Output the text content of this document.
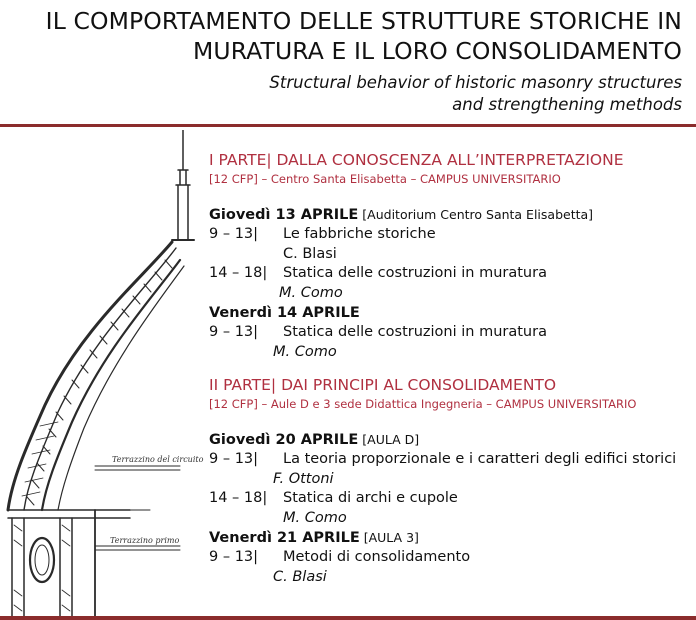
IL COMPORTAMENTO DELLE STRUTTURE STORICHE IN
MURATURA E IL LORO CONSOLIDAMENTO
Structural behavior of historic masonry structures
and strengthening methods
Terrazzino del circuito
Terrazzino primo
I PARTE| DALLA CONOSCENZA ALL’INTERPRETAZIONE
[12 CFP] – Centro Santa Elisabetta – CAMPUS UNIVERSITARIO
Giovedì 13 APRILE [Auditorium Centro Santa Elisabetta]
9 – 13| Le fabbriche storiche
C. Blasi
14 – 18| Statica delle costruzioni in muratura
M. Como
Venerdì 14 APRILE
9 – 13| Statica delle costruzioni in muratura
M. Como
II PARTE| DAI PRINCIPI AL CONSOLIDAMENTO
[12 CFP] – Aule D e 3 sede Didattica Ingegneria – CAMPUS UNIVERSITARIO
Giovedì 20 APRILE [AULA D]
9 – 13| La teoria proporzionale e i caratteri degli edifici storici
F. Ottoni
14 – 18| Statica di archi e cupole
M. Como
Venerdì 21 APRILE [AULA 3]
9 – 13| Metodi di consolidamento
C. Blasi
